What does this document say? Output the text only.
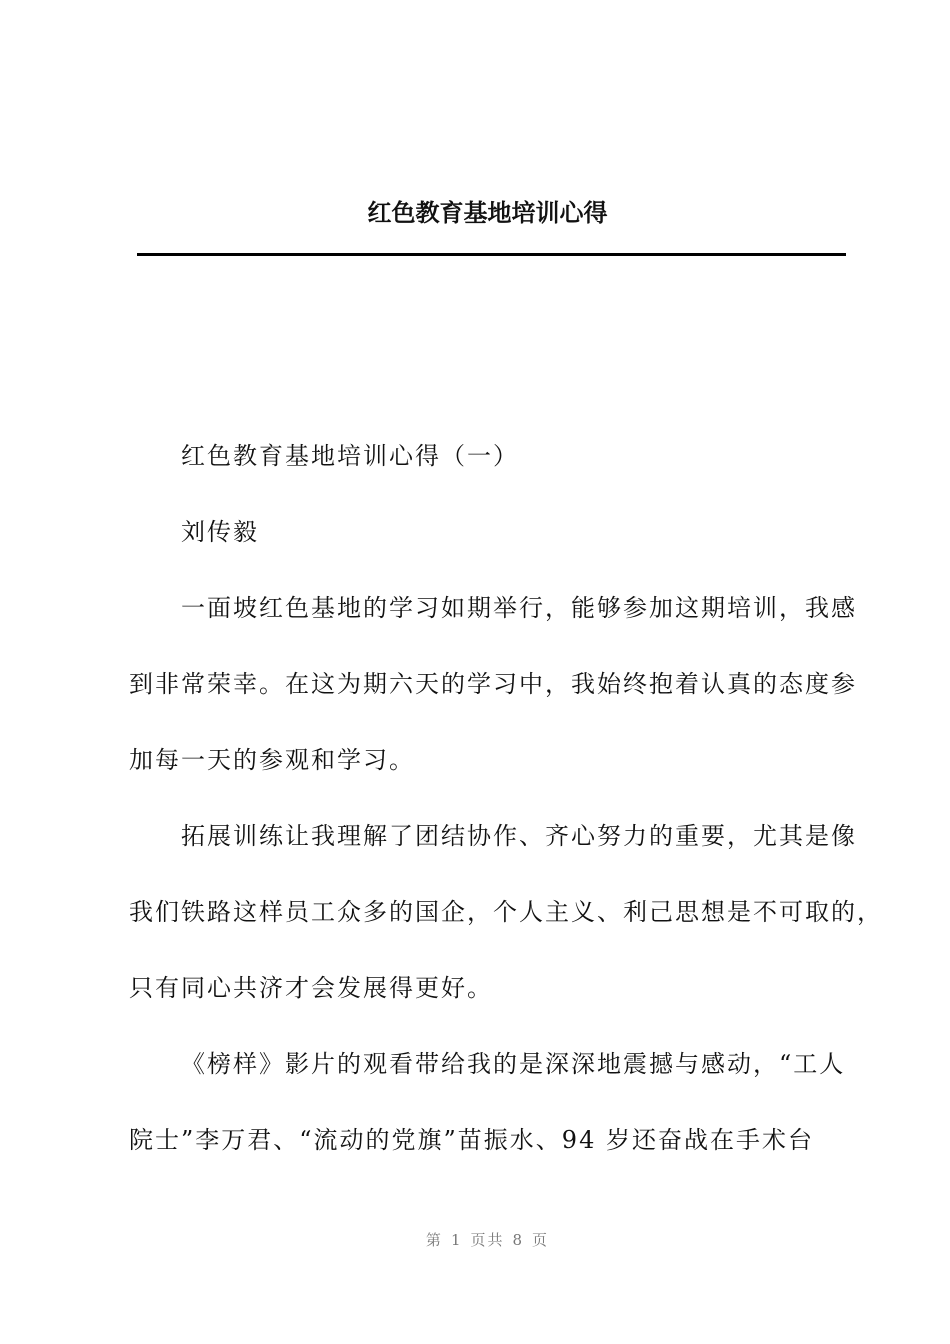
红色教育基地培训心得
红色教育基地培训心得（一）
刘传毅
一面坡红色基地的学习如期举行，能够参加这期培训，我感
到非常荣幸。在这为期六天的学习中，我始终抱着认真的态度参
加每一天的参观和学习。
拓展训练让我理解了团结协作、齐心努力的重要，尤其是像
我们铁路这样员工众多的国企，个人主义、利己思想是不可取的，
只有同心共济才会发展得更好。
《榜样》影片的观看带给我的是深深地震撼与感动，“工人
院士”李万君、“流动的党旗”苗振水、94 岁还奋战在手术台
第 1 页共 8 页
